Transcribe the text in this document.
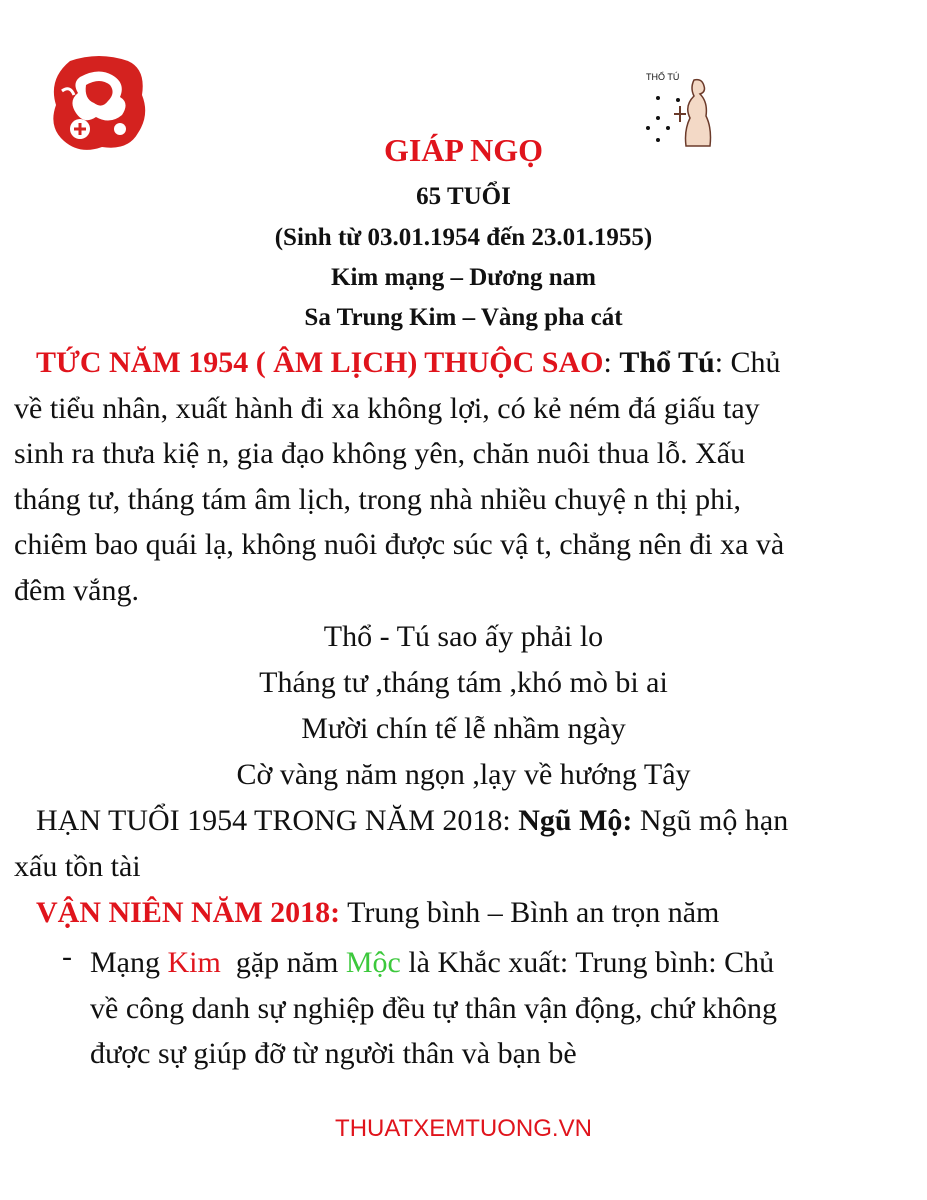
THỔ TÚ
GIÁP NGỌ
65 TUỔI
(Sinh từ 03.01.1954 đến 23.01.1955)
Kim mạng – Dương nam
Sa Trung Kim – Vàng pha cát
TỨC NĂM 1954 ( ÂM LỊCH) THUỘC SAO: Thổ Tú: Chủ
về tiểu nhân, xuất hành đi xa không lợi, có kẻ ném đá giấu tay
sinh ra thưa kiệ n, gia đạo không yên, chăn nuôi thua lỗ. Xấu
tháng tư, tháng tám âm lịch, trong nhà nhiều chuyệ n thị phi,
chiêm bao quái lạ, không nuôi được súc vậ t, chẳng nên đi xa và
đêm vắng.
Thổ - Tú sao ấy phải lo
Tháng tư ,tháng tám ,khó mò bi ai
Mười chín tế lễ nhầm ngày
Cờ vàng năm ngọn ,lạy về hướng Tây
HẠN TUỔI 1954 TRONG NĂM 2018: Ngũ Mộ: Ngũ mộ hạn
xấu tồn tài
VẬN NIÊN NĂM 2018: Trung bình – Bình an trọn năm
- Mạng Kim  gặp năm Mộc là Khắc xuất: Trung bình: Chủ
về công danh sự nghiệp đều tự thân vận động, chứ không
được sự giúp đỡ từ người thân và bạn bè
THUATXEMTUONG.VN
